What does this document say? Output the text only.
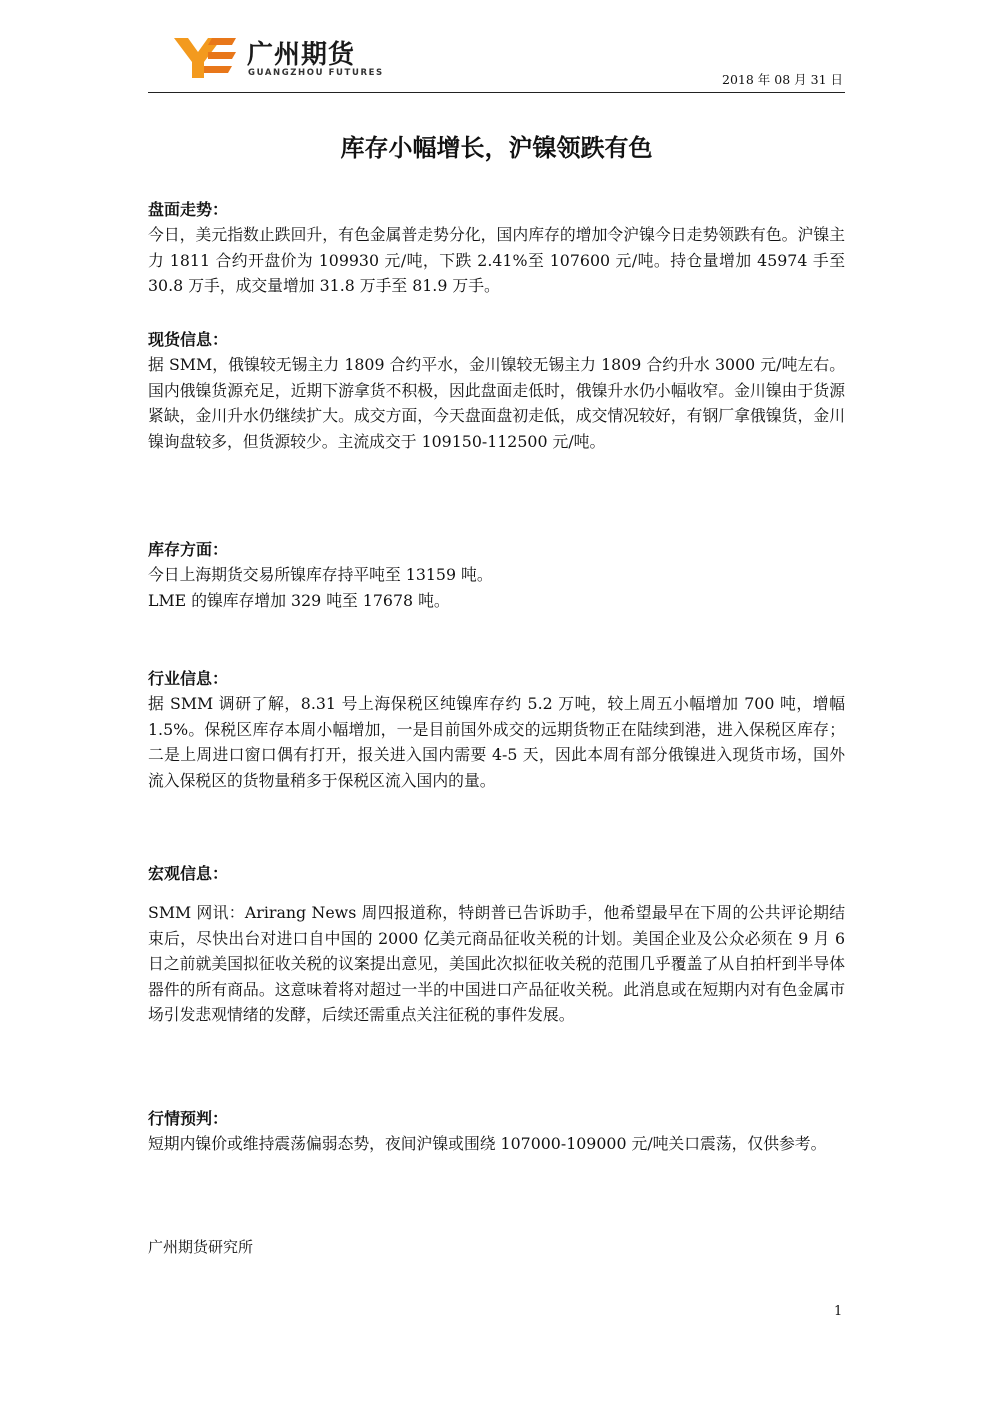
广州期货
GUANGZHOU FUTURES	2018 年 08 月 31 日
库存小幅增长，沪镍领跌有色
盘面走势：

今日，美元指数止跌回升，有色金属普走势分化，国内库存的增加令沪镍今日走势领跌有色。沪镍主力 1811 合约开盘价为 109930 元/吨，下跌 2.41%至 107600 元/吨。持仓量增加 45974 手至 30.8 万手，成交量增加 31.8 万手至 81.9 万手。

现货信息：

据 SMM，俄镍较无锡主力 1809 合约平水，金川镍较无锡主力 1809 合约升水 3000 元/吨左右。国内俄镍货源充足，近期下游拿货不积极，因此盘面走低时，俄镍升水仍小幅收窄。金川镍由于货源紧缺，金川升水仍继续扩大。成交方面，今天盘面盘初走低，成交情况较好，有钢厂拿俄镍货，金川镍询盘较多，但货源较少。主流成交于 109150-112500 元/吨。

库存方面：

今日上海期货交易所镍库存持平吨至 13159 吨。

LME 的镍库存增加 329 吨至 17678 吨。

行业信息：

据 SMM 调研了解，8.31 号上海保税区纯镍库存约 5.2 万吨，较上周五小幅增加 700 吨，增幅 1.5%。保税区库存本周小幅增加，一是目前国外成交的远期货物正在陆续到港，进入保税区库存；二是上周进口窗口偶有打开，报关进入国内需要 4-5 天，因此本周有部分俄镍进入现货市场，国外流入保税区的货物量稍多于保税区流入国内的量。

宏观信息：

SMM 网讯：Arirang News 周四报道称，特朗普已告诉助手，他希望最早在下周的公共评论期结束后，尽快出台对进口自中国的 2000 亿美元商品征收关税的计划。美国企业及公众必须在 9 月 6 日之前就美国拟征收关税的议案提出意见，美国此次拟征收关税的范围几乎覆盖了从自拍杆到半导体器件的所有商品。这意味着将对超过一半的中国进口产品征收关税。此消息或在短期内对有色金属市场引发悲观情绪的发酵，后续还需重点关注征税的事件发展。

行情预判：

短期内镍价或维持震荡偏弱态势，夜间沪镍或围绕 107000-109000 元/吨关口震荡，仅供参考。

广州期货研究所
1
